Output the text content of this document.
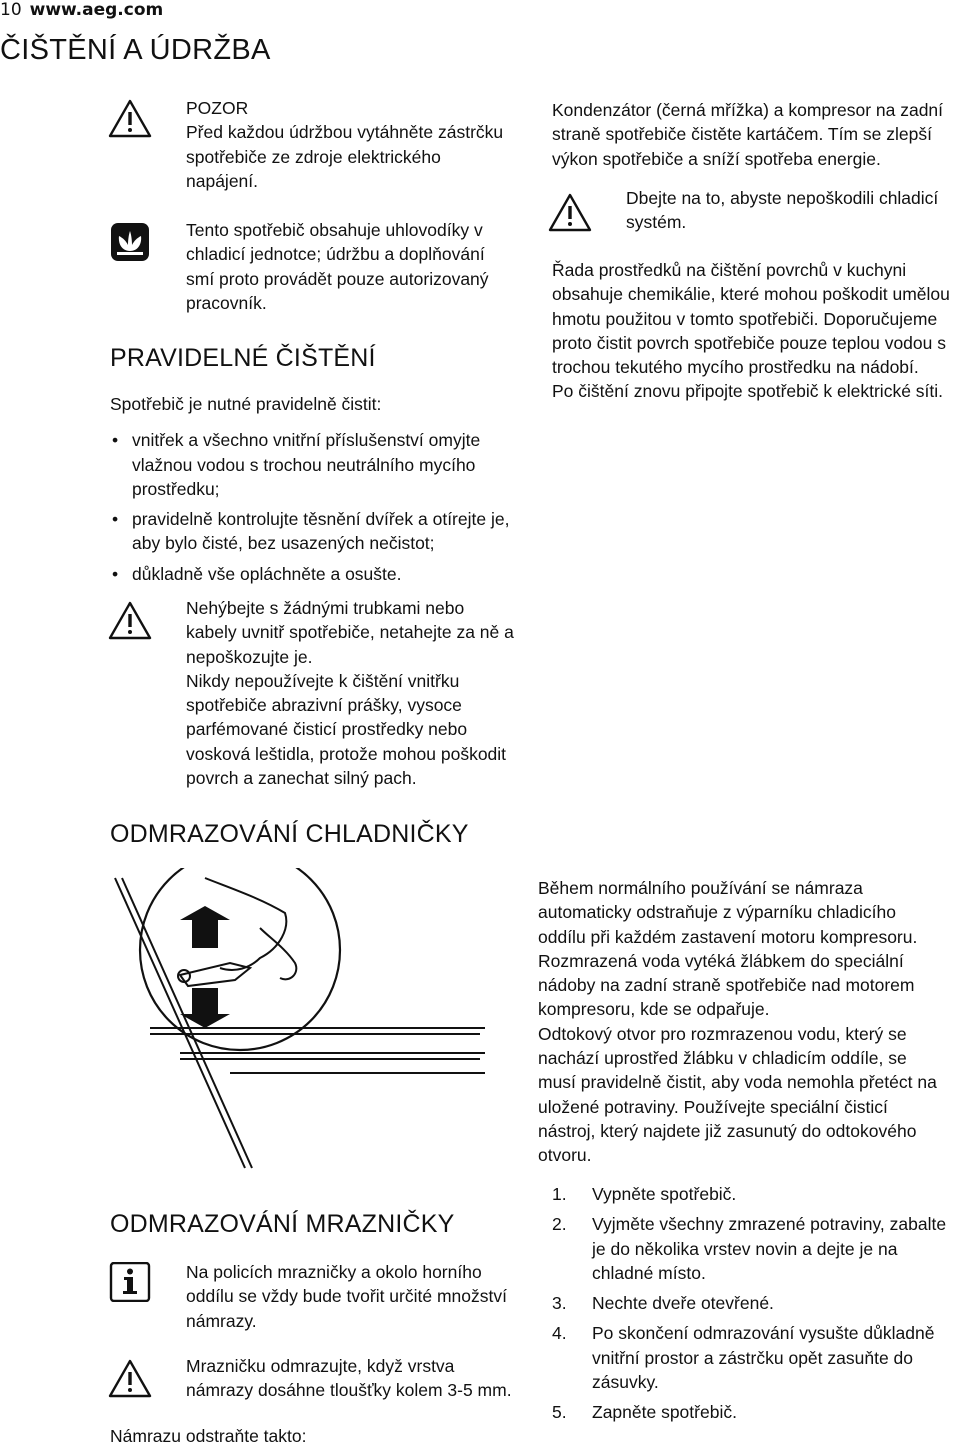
10 www.aeg.com
ČIŠTĚNÍ A ÚDRŽBA

POZOR

Před každou údržbou vytáhněte zástrčku spotřebiče ze zdroje elektrického napájení.

Tento spotřebič obsahuje uhlovodíky v chladicí jednotce; údržbu a doplňování smí proto provádět pouze autorizovaný pracovník.

PRAVIDELNÉ ČIŠTĚNÍ

Spotřebič je nutné pravidelně čistit:

• vnitřek a všechno vnitřní příslušenství omyjte vlažnou vodou s trochou neutrálního mycího prostředku;
• pravidelně kontrolujte těsnění dvířek a otírejte je, aby bylo čisté, bez usazených nečistot;
• důkladně vše opláchněte a osušte.

Nehýbejte s žádnými trubkami nebo kabely uvnitř spotřebiče, netahejte za ně a nepoškozujte je.

Nikdy nepoužívejte k čištění vnitřku spotřebiče abrazivní prášky, vysoce parfémované čisticí prostředky nebo vosková leštidla, protože mohou poškodit povrch a zanechat silný pach.

Kondenzátor (černá mřížka) a kompresor na zadní straně spotřebiče čistěte kartáčem. Tím se zlepší výkon spotřebiče a sníží spotřeba energie.

Dbejte na to, abyste nepoškodili chladicí systém.

Řada prostředků na čištění povrchů v kuchyni obsahuje chemikálie, které mohou poškodit umělou hmotu použitou v tomto spotřebiči. Doporučujeme proto čistit povrch spotřebiče pouze teplou vodou s trochou tekutého mycího prostředku na nádobí.

Po čištění znovu připojte spotřebič k elektrické síti.

ODMRAZOVÁNÍ CHLADNIČKY

Během normálního používání se námraza automaticky odstraňuje z výparníku chladicího oddílu při každém zastavení motoru kompresoru. Rozmrazená voda vytéká žlábkem do speciální nádoby na zadní straně spotřebiče nad motorem kompresoru, kde se odpařuje.

Odtokový otvor pro rozmrazenou vodu, který se nachází uprostřed žlábku v chladicím oddíle, se musí pravidelně čistit, aby voda nemohla přetéct na uložené potraviny. Používejte speciální čisticí nástroj, který najdete již zasunutý do odtokového otvoru.

ODMRAZOVÁNÍ MRAZNIČKY

Na policích mrazničky a okolo horního oddílu se vždy bude tvořit určité množství námrazy.

Mrazničku odmrazujte, když vrstva námrazy dosáhne tloušťky kolem 3-5 mm.

Námrazu odstraňte takto:
1. Vypněte spotřebič.
2. Vyjměte všechny zmrazené potraviny, zabalte je do několika vrstev novin a dejte je na chladné místo.
3. Nechte dveře otevřené.
4. Po skončení odmrazování vysušte důkladně vnitřní prostor a zástrčku opět zasuňte do zásuvky.
5. Zapněte spotřebič.
